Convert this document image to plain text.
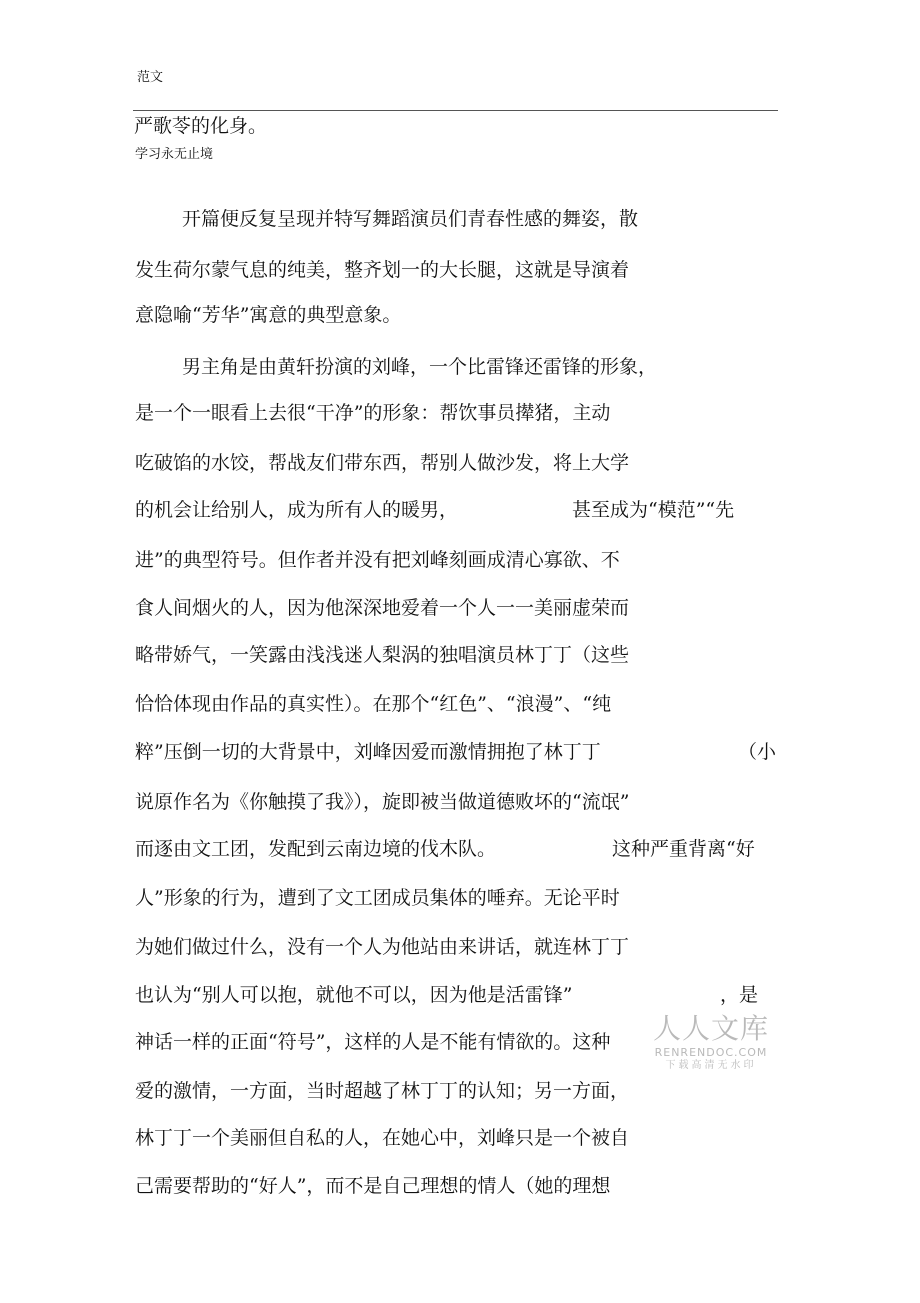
范文
严歌苓的化身。
学习永无止境
开篇便反复呈现并特写舞蹈演员们青春性感的舞姿，散
发生荷尔蒙气息的纯美，整齐划一的大长腿，这就是导演着
意隐喻“芳华”寓意的典型意象。
男主角是由黄轩扮演的刘峰，一个比雷锋还雷锋的形象，
是一个一眼看上去很“干净”的形象：帮饮事员撵猪，主动
吃破馅的水饺，帮战友们带东西，帮别人做沙发，将上大学
的机会让给别人，成为所有人的暖男，	甚至成为“模范”“先
进”的典型符号。但作者并没有把刘峰刻画成清心寡欲、不
食人间烟火的人，因为他深深地爱着一个人一一美丽虚荣而
略带娇气，一笑露由浅浅迷人梨涡的独唱演员林丁丁（这些
恰恰体现由作品的真实性）。在那个“红色”、“浪漫”、“纯
粹”压倒一切的大背景中，刘峰因爱而激情拥抱了林丁丁	（小
说原作名为《你触摸了我》），旋即被当做道德败坏的“流氓”
而逐由文工团，发配到云南边境的伐木队。	这种严重背离“好
人”形象的行为，遭到了文工团成员集体的唾弃。无论平时
为她们做过什么，没有一个人为他站由来讲话，就连林丁丁
也认为“别人可以抱，就他不可以，因为他是活雷锋”	，是
神话一样的正面“符号”，这样的人是不能有情欲的。这种
爱的激情，一方面，当时超越了林丁丁的认知；另一方面，
林丁丁一个美丽但自私的人，在她心中，刘峰只是一个被自
己需要帮助的“好人”，而不是自己理想的情人（她的理想
人人文库
RENRENDOC.COM
下载高清无水印
